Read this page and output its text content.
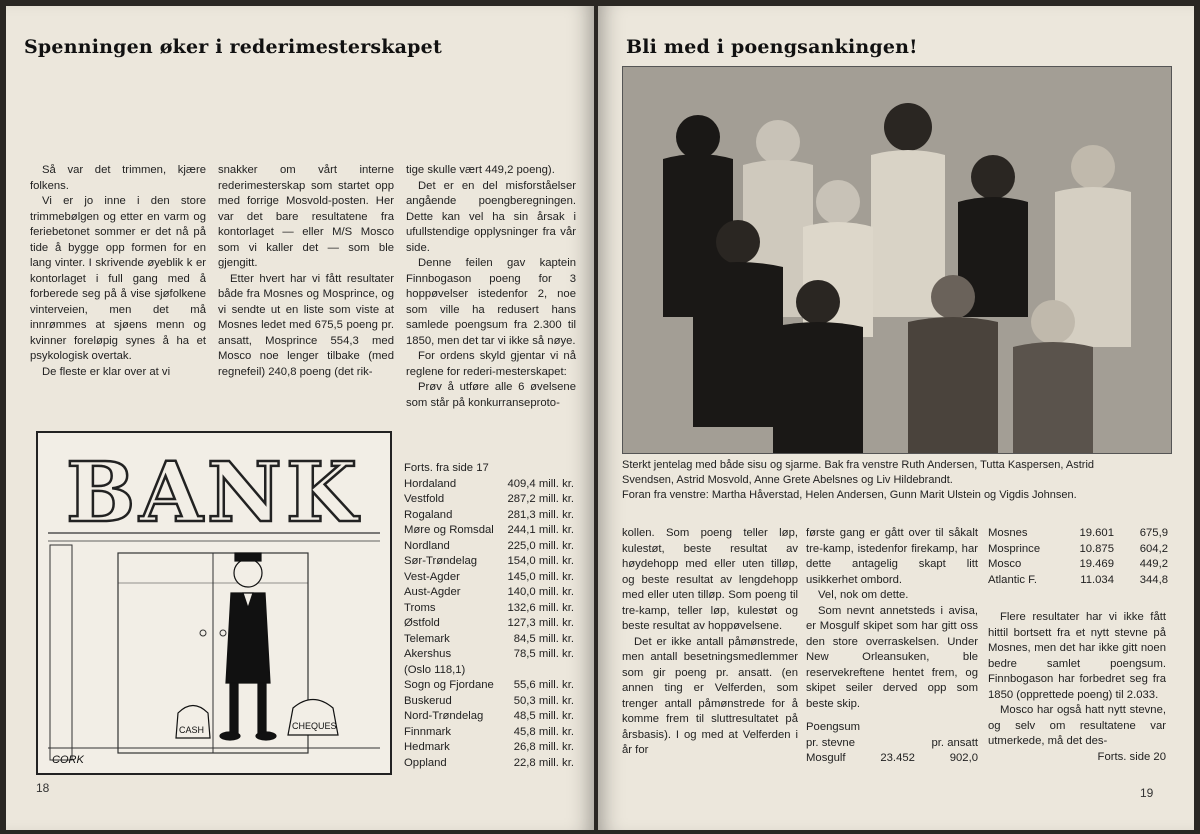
Spenningen øker i rederimesterskapet

Så var det trimmen, kjære folkens.

Vi er jo inne i den store trimmebølgen og etter en varm og feriebetonet sommer er det nå på tide å bygge opp formen for en lang vinter. I skrivende øyeblik k er kontorlaget i full gang med å forberede seg på å vise sjøfolkene vinterveien, men det må innrømmes at sjøens menn og kvinner foreløpig synes å ha et psykologisk overtak.

De fleste er klar over at vi

snakker om vårt interne rederimesterskap som startet opp med forrige Mosvold-posten. Her var det bare resultatene fra kontorlaget — eller M/S Mosco som vi kaller det — som ble gjengitt.

Etter hvert har vi fått resultater både fra Mosnes og Mosprince, og vi sendte ut en liste som viste at Mosnes ledet med 675,5 poeng pr. ansatt, Mosprince 554,3 med Mosco noe lenger tilbake (med regnefeil) 240,8 poeng (det rik-

tige skulle vært 449,2 poeng).

Det er en del misforståelser angående poengberegningen. Dette kan vel ha sin årsak i ufullstendige opplysninger fra vår side.

Denne feilen gav kaptein Finnbogason poeng for 3 hoppøvelser istedenfor 2, noe som ville ha redusert hans samlede poengsum fra 2.300 til 1850, men det tar vi ikke så nøye.

For ordens skyld gjentar vi nå reglene for rederi-mesterskapet:

Prøv å utføre alle 6 øvelsene som står på konkurranseproto-

BANK
CASH	CHEQUES
CORK
Forts. fra side 17
Hordaland	409,4 mill. kr.
Vestfold	287,2 mill. kr.
Rogaland	281,3 mill. kr.
Møre og Romsdal	244,1 mill. kr.
Nordland	225,0 mill. kr.
Sør-Trøndelag	154,0 mill. kr.
Vest-Agder	145,0 mill. kr.
Aust-Agder	140,0 mill. kr.
Troms	132,6 mill. kr.
Østfold	127,3 mill. kr.
Telemark	84,5 mill. kr.
Akershus	78,5 mill. kr.
(Oslo 118,1)
Sogn og Fjordane	55,6 mill. kr.
Buskerud	50,3 mill. kr.
Nord-Trøndelag	48,5 mill. kr.
Finnmark	45,8 mill. kr.
Hedmark	26,8 mill. kr.
Oppland	22,8 mill. kr.
18
Bli med i poengsankingen!
Sterkt jentelag med både sisu og sjarme. Bak fra venstre Ruth Andersen, Tutta Kaspersen, Astrid
Svendsen, Astrid Mosvold, Anne Grete Abelsnes og Liv Hildebrandt.
Foran fra venstre: Martha Håverstad, Helen Andersen, Gunn Marit Ulstein og Vigdis Johnsen.

kollen. Som poeng teller løp, kulestøt, beste resultat av høydehopp med eller uten tilløp, og beste resultat av lengdehopp med eller uten tilløp. Som poeng til tre-kamp, teller løp, kulestøt og beste resultat av hoppøvelsene.

Det er ikke antall påmønstrede, men antall besetningsmedlemmer som gir poeng pr. ansatt. (en annen ting er Velferden, som trenger antall påmønstrede for å komme frem til sluttresultatet på årsbasis). I og med at Velferden i år for

første gang er gått over til såkalt tre-kamp, istedenfor firekamp, har dette antagelig skapt litt usikkerhet ombord.

Vel, nok om dette.

Som nevnt annetsteds i avisa, er Mosgulf skipet som har gitt oss den store overraskelsen. Under New Orleansuken, ble reservekreftene hentet frem, og skipet seiler derved opp som beste skip.

Poengsum
pr. stevne	pr. ansatt
Mosgulf	23.452	902,0
Mosnes	19.601	675,9
Mosprince	10.875	604,2
Mosco	19.469	449,2
Atlantic F.	11.034	344,8

Flere resultater har vi ikke fått hittil bortsett fra et nytt stevne på Mosnes, men det har ikke gitt noen bedre samlet poengsum. Finnbogason har forbedret seg fra 1850 (opprettede poeng) til 2.033.

Mosco har også hatt nytt stevne, og selv om resultatene var utmerkede, må det des-

Forts. side 20
19
